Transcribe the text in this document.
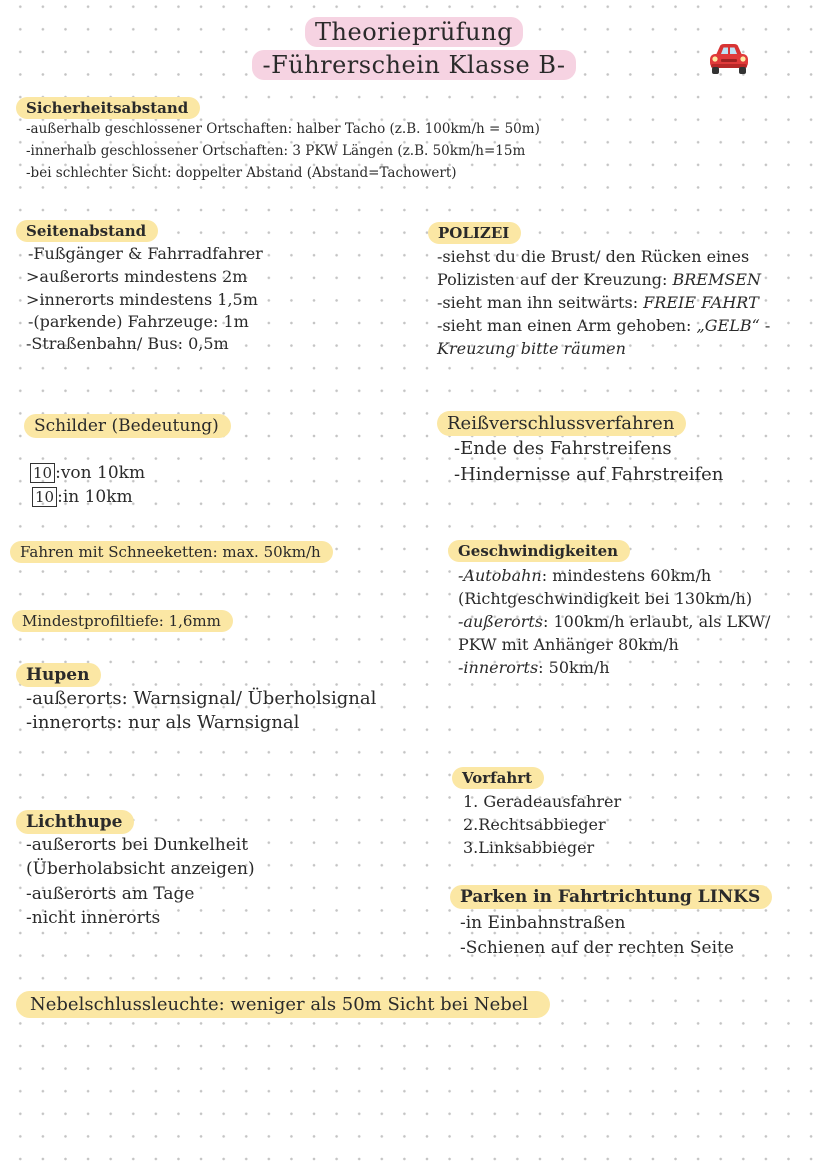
Theorieprüfung
-Führerschein Klasse B-
Sicherheitsabstand
-außerhalb geschlossener Ortschaften: halber Tacho (z.B. 100km/h = 50m)
-innerhalb geschlossener Ortschaften: 3 PKW Längen (z.B. 50km/h=15m
-bei schlechter Sicht: doppelter Abstand (Abstand=Tachowert)
Seitenabstand
-Fußgänger & Fahrradfahrer
>außerorts mindestens 2m
>innerorts mindestens 1,5m
-(parkende) Fahrzeuge: 1m
-Straßenbahn/ Bus: 0,5m
POLIZEI
-siehst du die Brust/ den Rücken eines
Polizisten auf der Kreuzung: BREMSEN
-sieht man ihn seitwärts: FREIE FAHRT
-sieht man einen Arm gehoben: „GELB“ -
Kreuzung bitte räumen
Schilder (Bedeutung)
10 :von 10km
10 :in 10km
Reißverschlussverfahren
-Ende des Fahrstreifens
-Hindernisse auf Fahrstreifen
Fahren mit Schneeketten: max. 50km/h	Geschwindigkeiten
-Autobahn: mindestens 60km/h
(Richtgeschwindigkeit bei 130km/h)
-außerorts: 100km/h erlaubt, als LKW/
PKW mit Anhänger 80km/h
-innerorts: 50km/h
Mindestprofiltiefe: 1,6mm
Hupen
-außerorts: Warnsignal/ Überholsignal
-innerorts: nur als Warnsignal
Vorfahrt
1. Geradeausfahrer
2.Rechtsabbieger
3.Linksabbieger
Lichthupe
-außerorts bei Dunkelheit
(Überholabsicht anzeigen)
-außerorts am Tage
-nicht innerorts
Parken in Fahrtrichtung LINKS
-in Einbahnstraßen
-Schienen auf der rechten Seite
Nebelschlussleuchte: weniger als 50m Sicht bei Nebel
